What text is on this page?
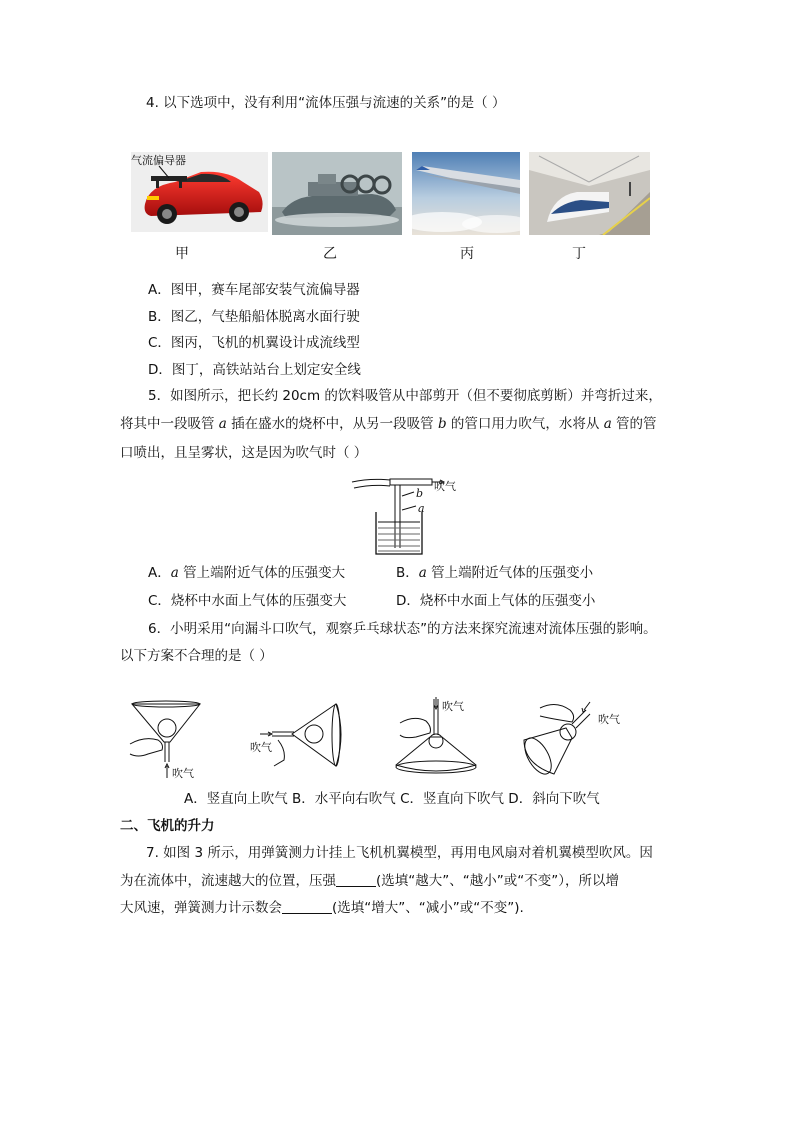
4. 以下选项中，没有利用“流体压强与流速的关系”的是（ ）
气流偏导器
甲	乙	丙	丁
A．图甲，赛车尾部安装气流偏导器
B．图乙，气垫船船体脱离水面行驶
C．图丙，飞机的机翼设计成流线型
D．图丁，高铁站站台上划定安全线
5．如图所示，把长约 20cm 的饮料吸管从中部剪开（但不要彻底剪断）并弯折过来，
将其中一段吸管 a 插在盛水的烧杯中，从另一段吸管 b 的管口用力吹气，水将从 a 管的管
口喷出，且呈雾状，这是因为吹气时（ ）
吹气
b
a
A．a 管上端附近气体的压强变大	B．a 管上端附近气体的压强变小
C．烧杯中水面上气体的压强变大	D．烧杯中水面上气体的压强变小
6．小明采用“向漏斗口吹气，观察乒乓球状态”的方法来探究流速对流体压强的影响。
以下方案不合理的是（ ）
吹气
吹气
吹气
吹气
A．竖直向上吹气 B．水平向右吹气 C．竖直向下吹气 D．斜向下吹气
二、飞机的升力
7. 如图 3 所示，用弹簧测力计挂上飞机机翼模型，再用电风扇对着机翼模型吹风。因
为在流体中，流速越大的位置，压强	(选填“越大”、“越小”或“不变”），所以增
大风速，弹簧测力计示数会	(选填“增大”、“减小”或“不变”).
